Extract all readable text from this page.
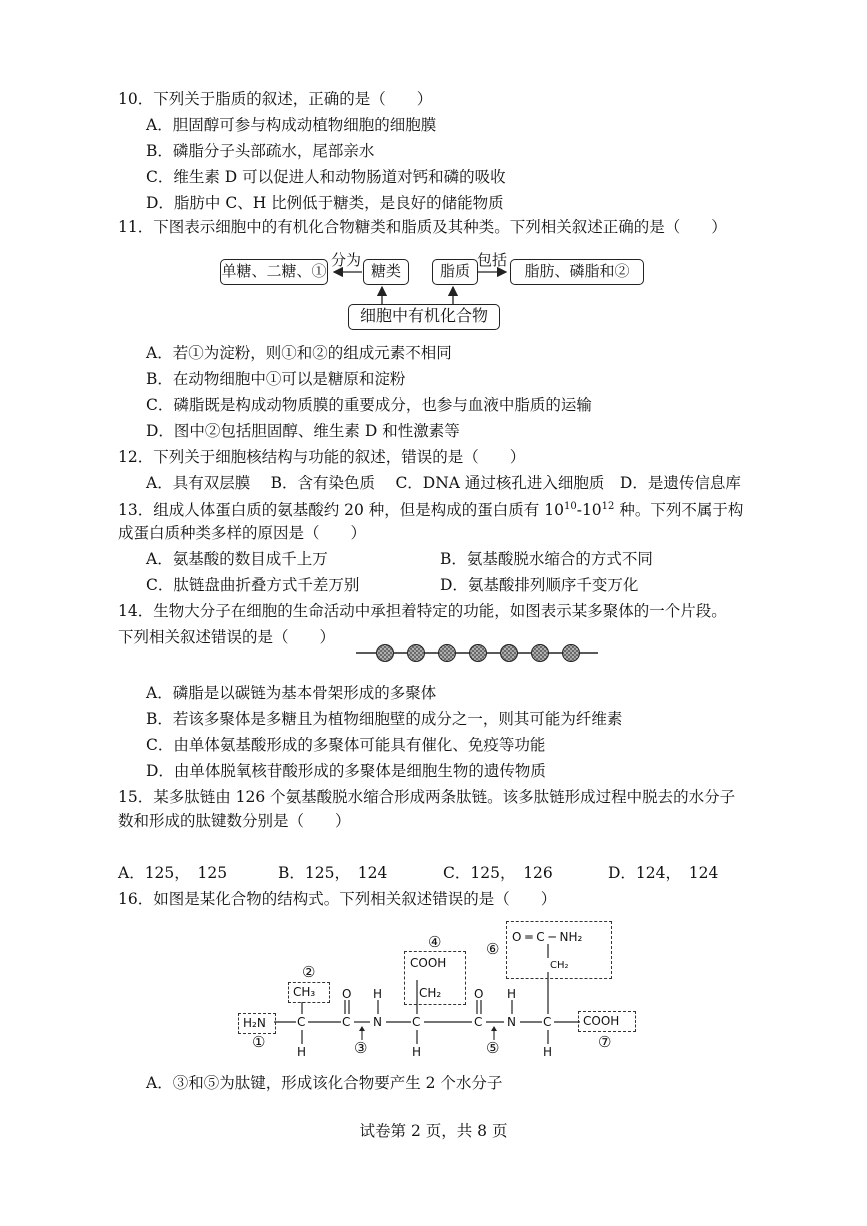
10．下列关于脂质的叙述，正确的是（　　）
A．胆固醇可参与构成动植物细胞的细胞膜
B．磷脂分子头部疏水，尾部亲水
C．维生素 D 可以促进人和动物肠道对钙和磷的吸收
D．脂肪中 C、H 比例低于糖类，是良好的储能物质
11．下图表示细胞中的有机化合物糖类和脂质及其种类。下列相关叙述正确的是（　　）
单糖、二糖、①
分为
糖类	脂质
包括
脂肪、磷脂和②
细胞中有机化合物
A．若①为淀粉，则①和②的组成元素不相同
B．在动物细胞中①可以是糖原和淀粉
C．磷脂既是构成动物质膜的重要成分，也参与血液中脂质的运输
D．图中②包括胆固醇、维生素 D 和性激素等
12．下列关于细胞核结构与功能的叙述，错误的是（　　）
A．具有双层膜　 B．含有染色质　 C．DNA 通过核孔进入细胞质　D．是遗传信息库
13．组成人体蛋白质的氨基酸约 20 种，但是构成的蛋白质有 $10^{10}-10^{12}$ 种。下列不属于构
成蛋白质种类多样的原因是（　　）
A．氨基酸的数目成千上万	B．氨基酸脱水缩合的方式不同
C．肽链盘曲折叠方式千差万别	D．氨基酸排列顺序千变万化
14．生物大分子在细胞的生命活动中承担着特定的功能，如图表示某多聚体的一个片段。
下列相关叙述错误的是（　　）
A．磷脂是以碳链为基本骨架形成的多聚体
B．若该多聚体是多糖且为植物细胞壁的成分之一，则其可能为纤维素
C．由单体氨基酸形成的多聚体可能具有催化、免疫等功能
D．由单体脱氧核苷酸形成的多聚体是细胞生物的遗传物质
15．某多肽链由 126 个氨基酸脱水缩合形成两条肽链。该多肽链形成过程中脱去的水分子
数和形成的肽键数分别是（　　）
A．125，　125	B．125，　124	C．125，　126	D．124，　124
16．如图是某化合物的结构式。下列相关叙述错误的是（　　）
H₂N
①
②
CH₃
C
H
O
C
③
H
N
④
COOH
CH₂
C
H
O
C
⑤
H
N
⑥
O ═ C ─ NH₂
CH₂
C
H
COOH
⑦
A．③和⑤为肽键，形成该化合物要产生 2 个水分子
试卷第 2 页，共 8 页
